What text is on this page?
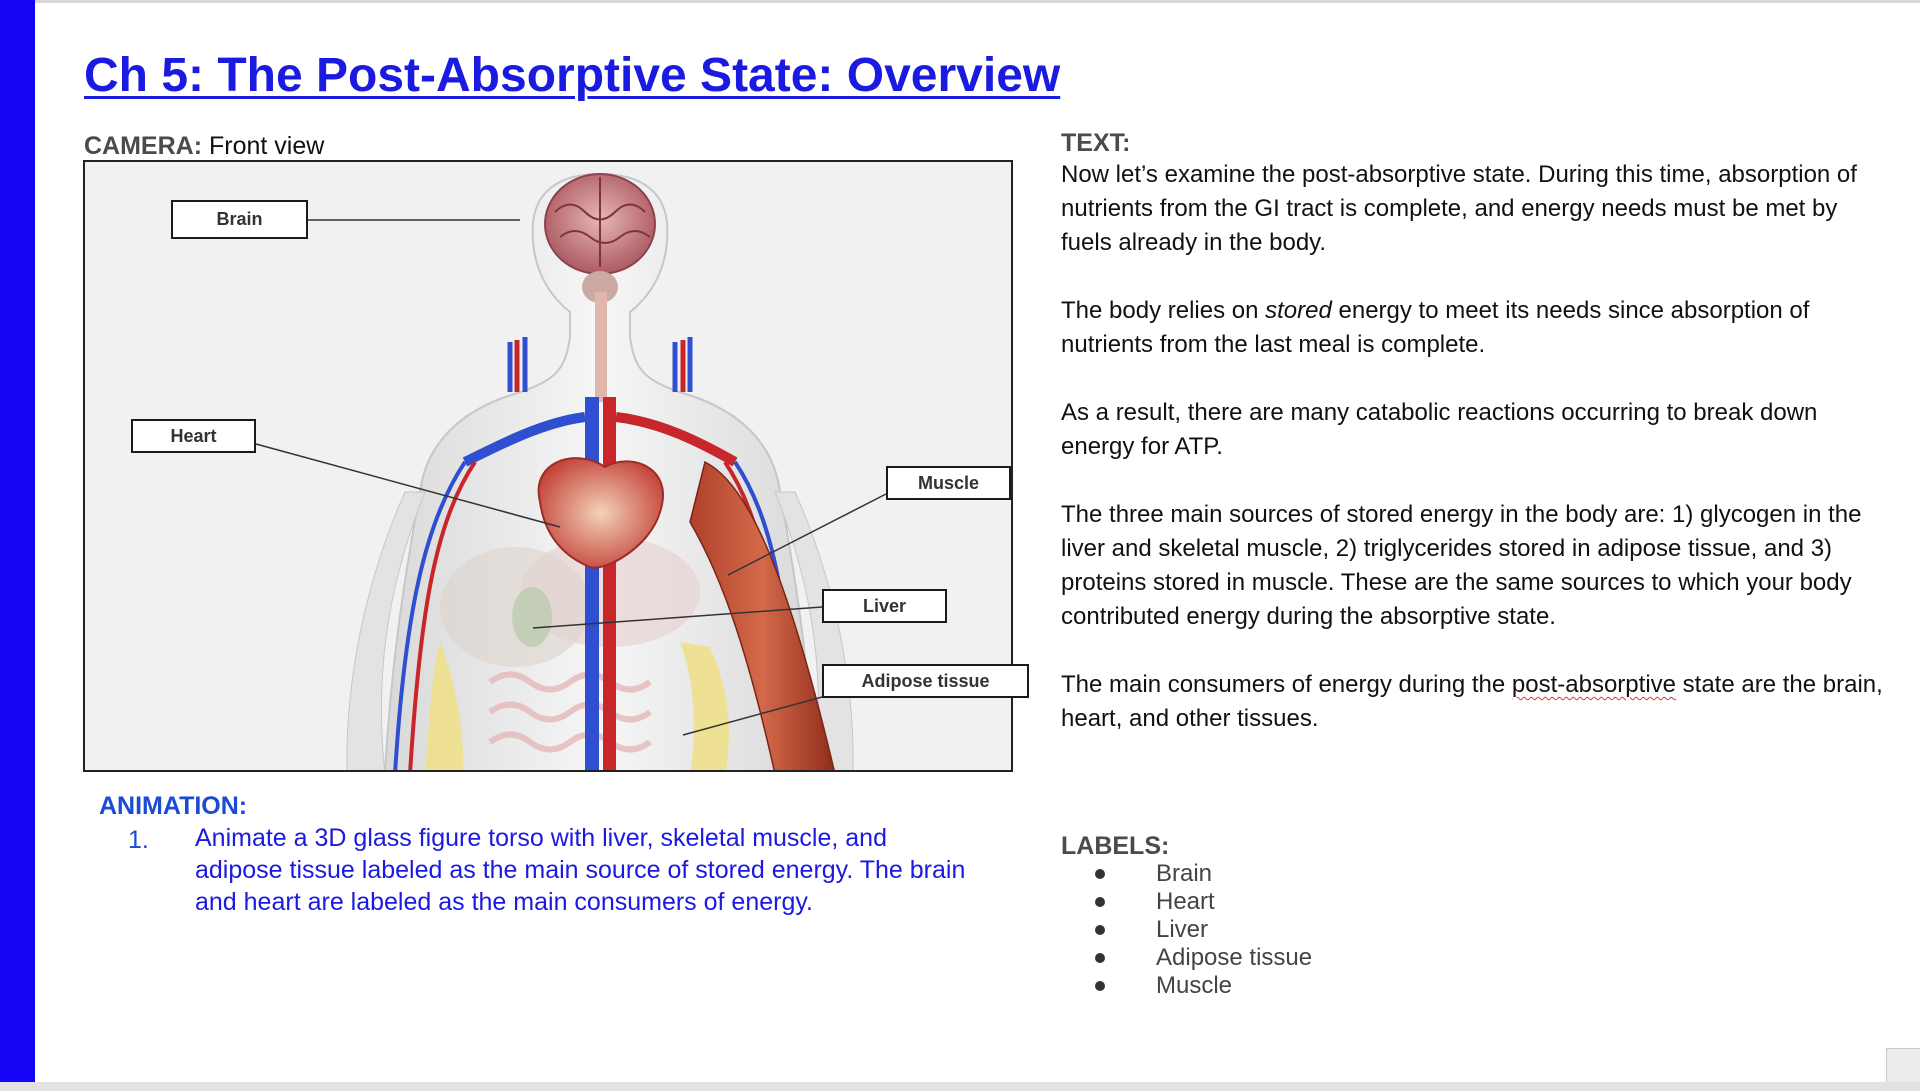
Ch 5: The Post-Absorptive State: Overview
CAMERA: Front view
Brain
Heart
Muscle
Liver
Adipose tissue
ANIMATION:
1. Animate a 3D glass figure torso with liver, skeletal muscle, and adipose tissue labeled as the main source of stored energy. The brain and heart are labeled as the main consumers of energy.
TEXT:

Now let’s examine the post-absorptive state. During this time, absorption of nutrients from the GI tract is complete, and energy needs must be met by fuels already in the body.

The body relies on stored energy to meet its needs since absorption of nutrients from the last meal is complete.

As a result, there are many catabolic reactions occurring to break down energy for ATP.

The three main sources of stored energy in the body are: 1) glycogen in the liver and skeletal muscle, 2) triglycerides stored in adipose tissue, and 3) proteins stored in muscle. These are the same sources to which your body contributed energy during the absorptive state.

The main consumers of energy during the post-absorptive state are the brain, heart, and other tissues.

LABELS:
Brain
Heart
Liver
Adipose tissue
Muscle
